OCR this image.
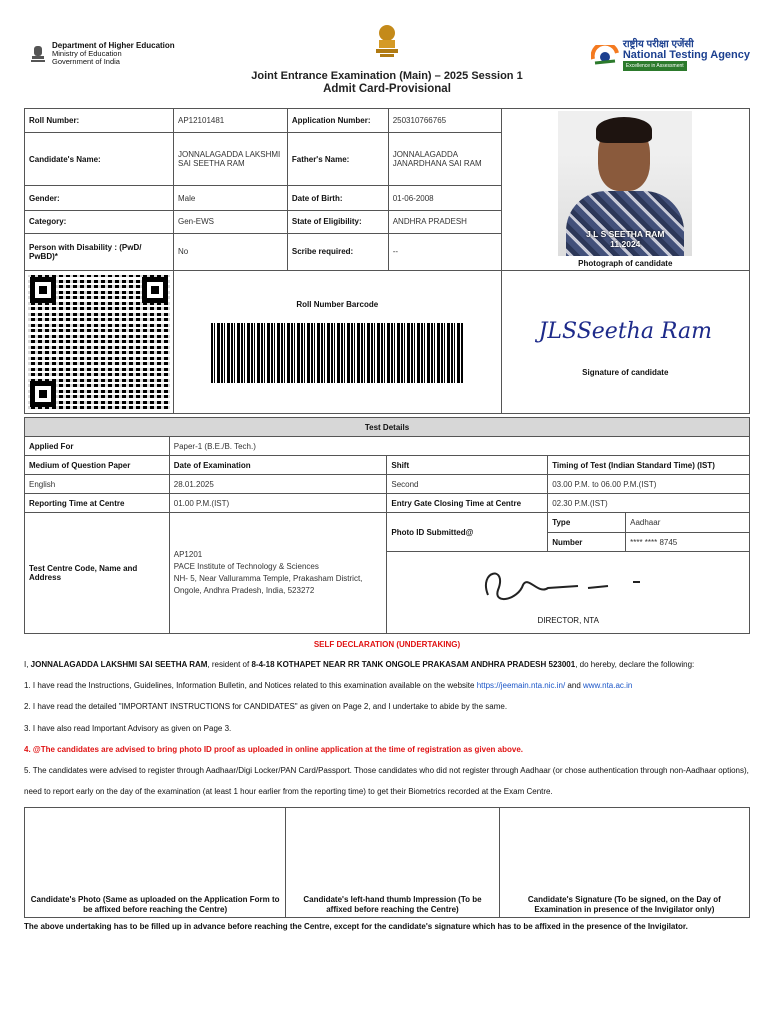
Department of Higher Education
Ministry of Education
Government of India
राष्ट्रीय परीक्षा एजेंसी
National Testing Agency
Excellence in Assessment
Joint Entrance Examination (Main) – 2025 Session 1
Admit Card-Provisional
Roll Number:	AP12101481	Application Number:	250310766765	J L S SEETHA RAM
11.2024
Photograph of candidate

Candidate's Name:	JONNALAGADDA LAKSHMI SAI SEETHA RAM	Father's Name:	JONNALAGADDA JANARDHANA SAI RAM	
Gender:	Male	Date of Birth:	01-06-2008	
Category:	Gen-EWS	State of Eligibility:	ANDHRA PRADESH	
Person with Disability : (PwD/ PwBD)*	No	Scribe required:	--	

	Roll Number Barcode			JLSSeetha Ram
Signature of candidate
Test Details				
Applied For	Paper-1 (B.E./B. Tech.)			
Medium of Question Paper	Date of Examination	Shift	Timing of Test (Indian Standard Time) (IST)	
English	28.01.2025	Second	03.00 P.M. to 06.00 P.M.(IST)	
Reporting Time at Centre	01.00 P.M.(IST)	Entry Gate Closing Time at Centre	02.30 P.M.(IST)	
Test Centre Code, Name and Address	AP1201
PACE Institute of Technology & Sciences
NH- 5, Near Valluramma Temple, Prakasham District, Ongole, Andhra Pradesh, India, 523272	Photo ID Submitted@	Type	Aadhaar
			Number	**** **** 8745

		DIRECTOR, NTA		
SELF DECLARATION (UNDERTAKING)

I, JONNALAGADDA LAKSHMI SAI SEETHA RAM, resident of 8-4-18 KOTHAPET NEAR RR TANK ONGOLE PRAKASAM ANDHRA PRADESH 523001, do hereby, declare the following:

1. I have read the Instructions, Guidelines, Information Bulletin, and Notices related to this examination available on the website https://jeemain.nta.nic.in/ and www.nta.ac.in

2. I have read the detailed "IMPORTANT INSTRUCTIONS for CANDIDATES" as given on Page 2, and I undertake to abide by the same.

3. I have also read Important Advisory as given on Page 3.

4. @The candidates are advised to bring photo ID proof as uploaded in online application at the time of registration as given above.

5. The candidates were advised to register through Aadhaar/Digi Locker/PAN Card/Passport. Those candidates who did not register through Aadhaar (or chose authentication through non-Aadhaar options), need to report early on the day of the examination (at least 1 hour earlier from the reporting time) to get their Biometrics recorded at the Exam Centre.

Candidate's Photo (Same as uploaded on the Application Form to be affixed before reaching the Centre)
Candidate's left-hand thumb Impression (To be affixed before reaching the Centre)
Candidate's Signature (To be signed, on the Day of Examination in presence of the Invigilator only)
The above undertaking has to be filled up in advance before reaching the Centre, except for the candidate's signature which has to be affixed in the presence of the Invigilator.
